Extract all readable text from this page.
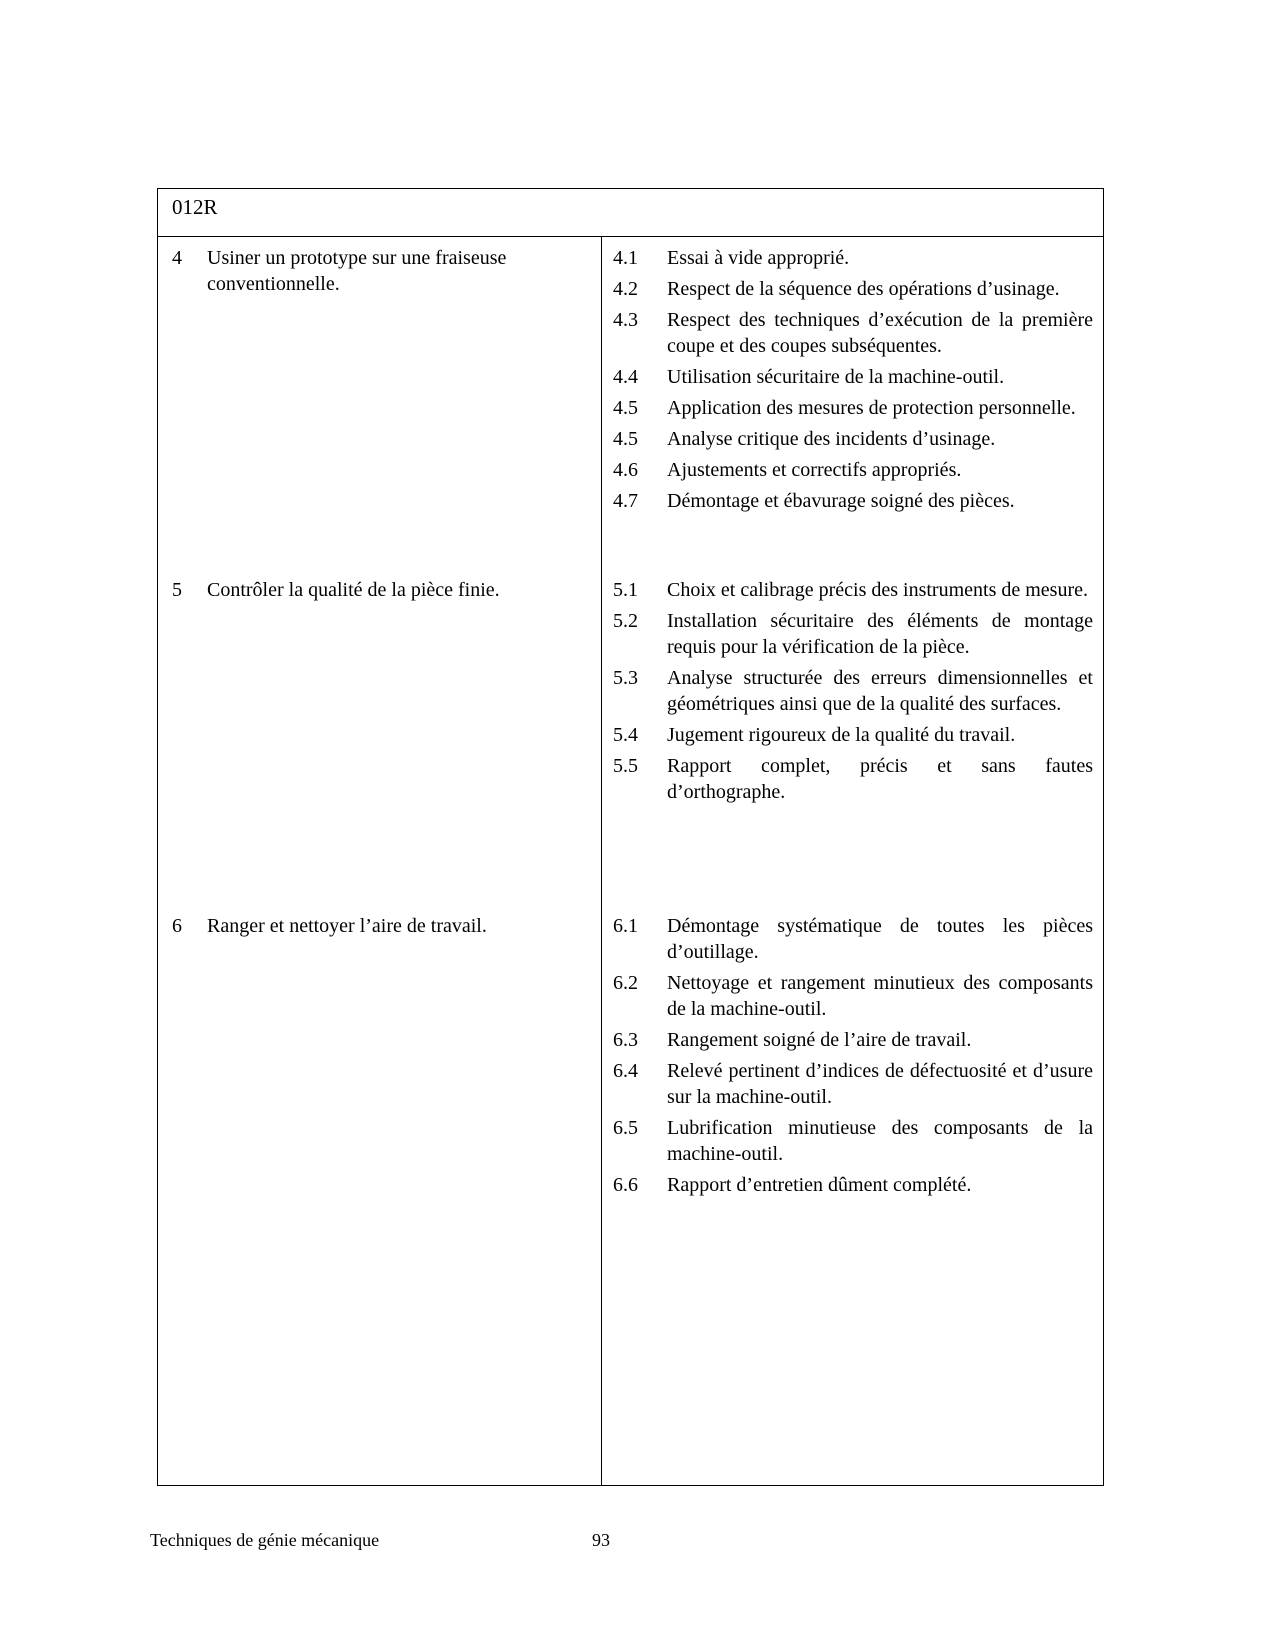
012R
4	Usiner un prototype sur une fraiseuse conventionnelle.
4.1	Essai à vide approprié.
4.2	Respect de la séquence des opérations d’usinage.
4.3	Respect des techniques d’exécution de la première coupe et des coupes subséquentes.
4.4	Utilisation sécuritaire de la machine-outil.
4.5	Application des mesures de protection personnelle.
4.5	Analyse critique des incidents d’usinage.
4.6	Ajustements et correctifs appropriés.
4.7	Démontage et ébavurage soigné des pièces.
5	Contrôler la qualité de la pièce finie.	5.1	Choix et calibrage précis des instruments de mesure.
5.2	Installation sécuritaire des éléments de montage requis pour la vérification de la pièce.
5.3	Analyse structurée des erreurs dimensionnelles et géométriques ainsi que de la qualité des surfaces.
5.4	Jugement rigoureux de la qualité du travail.
5.5	Rapport complet, précis et sans fautes d’orthographe.
6	Ranger et nettoyer l’aire de travail.	6.1	Démontage systématique de toutes les pièces d’outillage.
6.2	Nettoyage et rangement minutieux des composants de la machine-outil.
6.3	Rangement soigné de l’aire de travail.
6.4	Relevé pertinent d’indices de défectuosité et d’usure sur la machine-outil.
6.5	Lubrification minutieuse des composants de la machine-outil.
6.6	Rapport d’entretien dûment complété.
Techniques de génie mécanique	93
